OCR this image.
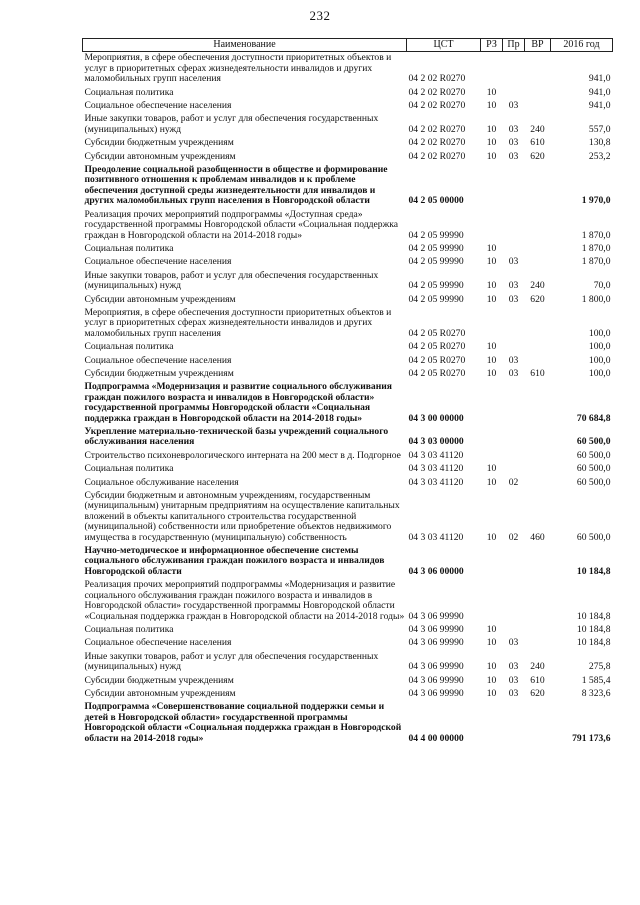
232
Наименование	ЦСТ	РЗ	Пр	ВР	2016 год
Мероприятия, в сфере обеспечения доступности приоритетных объектов и услуг в приоритетных сферах жизнедеятельности инвалидов и других маломобильных групп населения	04 2 02 R0270				941,0
Социальная политика	04 2 02 R0270	10			941,0
Социальное обеспечение населения	04 2 02 R0270	10	03		941,0
Иные закупки товаров, работ и услуг для обеспечения государственных (муниципальных) нужд	04 2 02 R0270	10	03	240	557,0
Субсидии бюджетным учреждениям	04 2 02 R0270	10	03	610	130,8
Субсидии автономным учреждениям	04 2 02 R0270	10	03	620	253,2
Преодоление социальной разобщенности в обществе и формирование позитивного отношения к проблемам инвалидов и к проблеме обеспечения доступной среды жизнедеятельности для инвалидов и других маломобильных групп населения в Новгородской области	04 2 05 00000				1 970,0
Реализация прочих мероприятий подпрограммы «Доступная среда» государственной программы Новгородской области «Социальная поддержка граждан в Новгородской области на 2014-2018 годы»	04 2 05 99990				1 870,0
Социальная политика	04 2 05 99990	10			1 870,0
Социальное обеспечение населения	04 2 05 99990	10	03		1 870,0
Иные закупки товаров, работ и услуг для обеспечения государственных (муниципальных) нужд	04 2 05 99990	10	03	240	70,0
Субсидии автономным учреждениям	04 2 05 99990	10	03	620	1 800,0
Мероприятия, в сфере обеспечения доступности приоритетных объектов и услуг в приоритетных сферах жизнедеятельности инвалидов и других маломобильных групп населения	04 2 05 R0270				100,0
Социальная политика	04 2 05 R0270	10			100,0
Социальное обеспечение населения	04 2 05 R0270	10	03		100,0
Субсидии бюджетным учреждениям	04 2 05 R0270	10	03	610	100,0
Подпрограмма «Модернизация и развитие социального обслуживания граждан пожилого возраста и инвалидов в Новгородской области» государственной программы Новгородской области «Социальная поддержка граждан в Новгородской области на 2014-2018 годы»	04 3 00 00000				70 684,8
Укрепление материально-технической базы учреждений социального обслуживания населения	04 3 03 00000				60 500,0
Строительство психоневрологического интерната на 200 мест в д. Подгорное	04 3 03 41120				60 500,0
Социальная политика	04 3 03 41120	10			60 500,0
Социальное обслуживание населения	04 3 03 41120	10	02		60 500,0
Субсидии бюджетным и автономным учреждениям, государственным (муниципальным) унитарным предприятиям на осуществление капитальных вложений в объекты капитального строительства государственной (муниципальной) собственности или приобретение объектов недвижимого имущества в государственную (муниципальную) собственность	04 3 03 41120	10	02	460	60 500,0
Научно-методическое и информационное обеспечение системы социального обслуживания граждан пожилого возраста и инвалидов Новгородской области	04 3 06 00000				10 184,8
Реализация прочих мероприятий подпрограммы «Модернизация и развитие социального обслуживания граждан пожилого возраста и инвалидов в Новгородской области» государственной программы Новгородской области «Социальная поддержка граждан в Новгородской области на 2014-2018 годы»	04 3 06 99990				10 184,8
Социальная политика	04 3 06 99990	10			10 184,8
Социальное обеспечение населения	04 3 06 99990	10	03		10 184,8
Иные закупки товаров, работ и услуг для обеспечения государственных (муниципальных) нужд	04 3 06 99990	10	03	240	275,8
Субсидии бюджетным учреждениям	04 3 06 99990	10	03	610	1 585,4
Субсидии автономным учреждениям	04 3 06 99990	10	03	620	8 323,6
Подпрограмма «Совершенствование социальной поддержки семьи и детей в Новгородской области» государственной программы Новгородской области «Социальная поддержка граждан в Новгородской области на 2014-2018 годы»	04 4 00 00000				791 173,6
